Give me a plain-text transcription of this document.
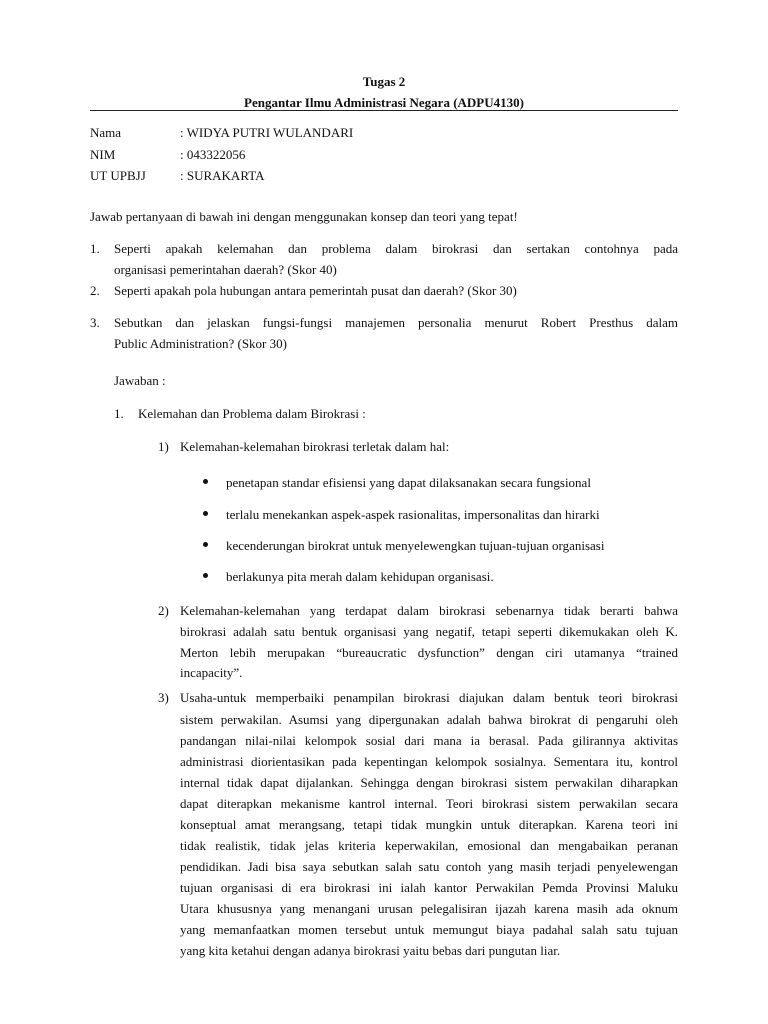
Tugas 2
Pengantar Ilmu Administrasi Negara (ADPU4130)
Nama	: WIDYA PUTRI WULANDARI
NIM	: 043322056
UT UPBJJ	: SURAKARTA
Jawab pertanyaan di bawah ini dengan menggunakan konsep dan teori yang tepat!
1. Seperti apakah kelemahan dan problema dalam birokrasi dan sertakan contohnya pada
organisasi pemerintahan daerah? (Skor 40)
2. Seperti apakah pola hubungan antara pemerintah pusat dan daerah? (Skor 30)
3. Sebutkan dan jelaskan fungsi-fungsi manajemen personalia menurut Robert Presthus dalam
Public Administration? (Skor 30)
Jawaban :
1. Kelemahan dan Problema dalam Birokrasi :
1) Kelemahan-kelemahan birokrasi terletak dalam hal:
penetapan standar efisiensi yang dapat dilaksanakan secara fungsional
terlalu menekankan aspek-aspek rasionalitas, impersonalitas dan hirarki
kecenderungan birokrat untuk menyelewengkan tujuan-tujuan organisasi
berlakunya pita merah dalam kehidupan organisasi.
2) Kelemahan-kelemahan yang terdapat dalam birokrasi sebenarnya tidak berarti bahwa
birokrasi adalah satu bentuk organisasi yang negatif, tetapi seperti dikemukakan oleh K.
Merton lebih merupakan “bureaucratic dysfunction” dengan ciri utamanya “trained
incapacity”.
3) Usaha-untuk memperbaiki penampilan birokrasi diajukan dalam bentuk teori birokrasi
sistem perwakilan. Asumsi yang dipergunakan adalah bahwa birokrat di pengaruhi oleh
pandangan nilai-nilai kelompok sosial dari mana ia berasal. Pada gilirannya aktivitas
administrasi diorientasikan pada kepentingan kelompok sosialnya. Sementara itu, kontrol
internal tidak dapat dijalankan. Sehingga dengan birokrasi sistem perwakilan diharapkan
dapat diterapkan mekanisme kantrol internal. Teori birokrasi sistem perwakilan secara
konseptual amat merangsang, tetapi tidak mungkin untuk diterapkan. Karena teori ini
tidak realistik, tidak jelas kriteria keperwakilan, emosional dan mengabaikan peranan
pendidikan. Jadi bisa saya sebutkan salah satu contoh yang masih terjadi penyelewengan
tujuan organisasi di era birokrasi ini ialah kantor Perwakilan Pemda Provinsi Maluku
Utara khususnya yang menangani urusan pelegalisiran ijazah karena masih ada oknum
yang memanfaatkan momen tersebut untuk memungut biaya padahal salah satu tujuan
yang kita ketahui dengan adanya birokrasi yaitu bebas dari pungutan liar.
